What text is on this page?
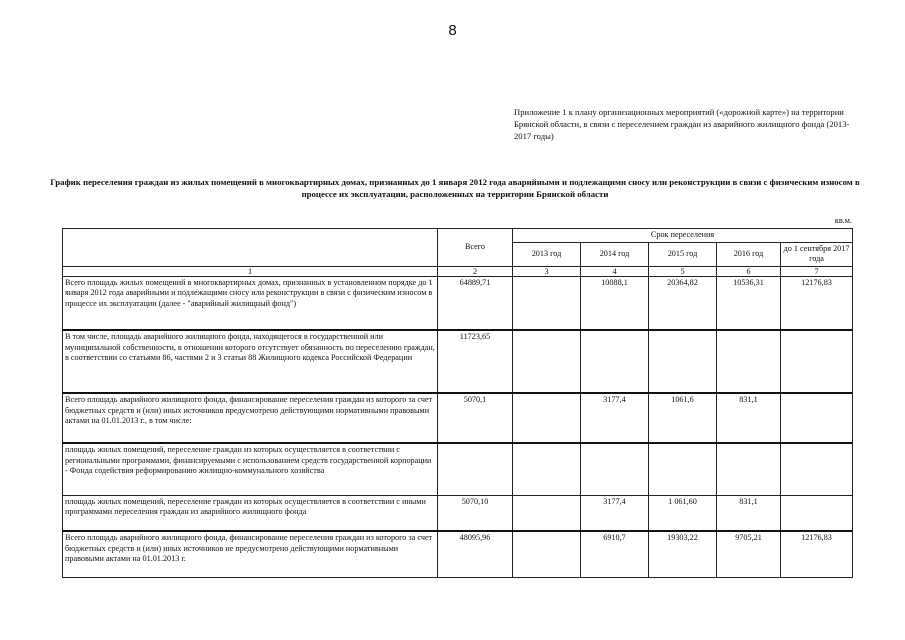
8
Приложение 1 к плану организационных мероприятий («дорожной карте») на территории Брянской области, в связи с переселением граждан из аварийного жилищного фонда (2013-2017 годы)
График переселения граждан из жилых помещений в многоквартирных домах, признанных до 1 января 2012 года аварийными и подлежащими сносу или реконструкции в связи с физическим износом в процессе их эксплуатации, расположенных на территории Брянской области
кв.м.
	Всего	Срок переселения				
		2013 год	2014 год	2015 год	2016 год	до 1 сентября 2017 года
1	2	3	4	5	6	7
Всего площадь жилых помещений в многоквартирных домах, признанных в установленном порядке до 1 января 2012 года аварийными и подлежащими сносу или реконструкции в связи с физическим износом в процессе их эксплуатации (далее - "аварийный жилищный фонд")	64889,71		10088,1	20364,82	10536,31	12176,83
В том числе, площадь аварийного жилищного фонда, находящегося в государственной или муниципальной собственности, в отношении которого отсутствует обязанность по переселению граждан, в соответствии со статьями 86, частями 2 и 3 статьи 88 Жилищного кодекса Российской Федерации	11723,65					
Всего площадь аварийного жилищного фонда, финансирование переселения граждан из которого за счет бюджетных средств и (или) иных источников предусмотрено действующими нормативными правовыми актами на 01.01.2013 г., в том числе:	5070,1		3177,4	1061,6	831,1	
площадь жилых помещений, переселение граждан из которых осуществляется в соответствии с региональными программами, финансируемыми с использованием средств государственной корпорации - Фонда содействия реформированию жилищно-коммунального хозяйства						
площадь жилых помещений, переселение граждан из которых осуществляется в соответствии с иными программами переселения граждан из аварийного жилищного фонда	5070,10		3177,4	1 061,60	831,1	
Всего площадь аварийного жилищного фонда, финансирование переселения граждан из которого за счет бюджетных средств и (или) иных источников не предусмотрено действующими нормативными правовыми актами на 01.01.2013 г.	48095,96		6910,7	19303,22	9705,21	12176,83
